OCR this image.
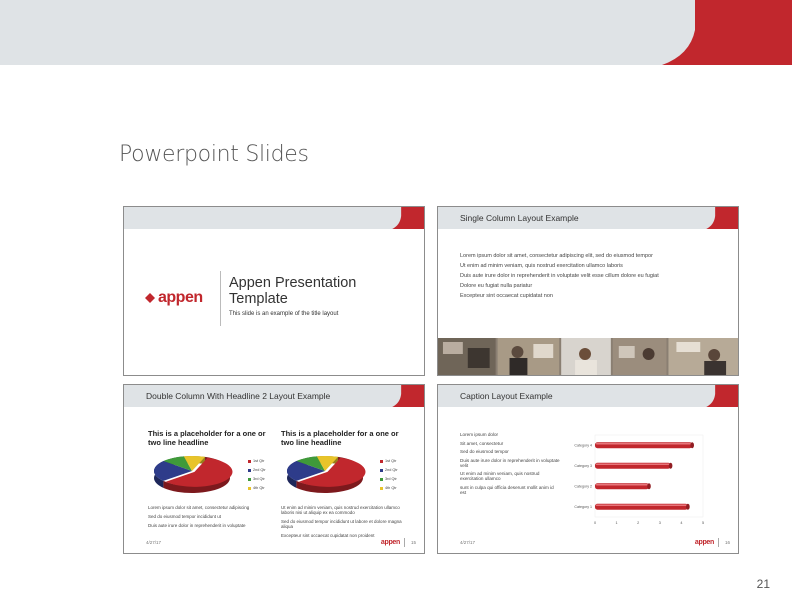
Powerpoint Slides
appen
Appen Presentation Template
This slide is an example of the title layout
Single Column Layout Example
Lorem ipsum dolor sit amet, consectetur adipiscing elit, sed do eiusmod tempor
Ut enim ad minim veniam, quis nostrud exercitation ullamco laboris
Duis aute irure dolor in reprehenderit in voluptate velit esse cillum dolore eu fugiat
Dolore eu fugiat nulla pariatur
Excepteur sint occaecat cupidatat non
Double Column With Headline 2 Layout Example
This is a placeholder for a one or two line headline
This is a placeholder for a one or two line headline
1st Qtr
2nd Qtr
3rd Qtr
4th Qtr
1st Qtr
2nd Qtr
3rd Qtr
4th Qtr
Lorem ipsum dolor sit amet, consectetur adipiscing
Sed do eiusmod tempor incididunt ut
Duis aute irure dolor in reprehenderit in voluptate
Ut enim ad minim veniam, quis nostrud exercitation ullamco laboris nisi ut aliquip ex ea commodo
Sed do eiusmod tempor incididunt ut labore et dolore magna aliqua
Excepteur sint occaecat cupidatat non proident
4/27/17	appen 15
Caption Layout Example
Lorem ipsum dolor
Sit amet, consectetur
Sed do eiusmod tempor
Duis aute irure dolor in reprehenderit in voluptate velit
Ut enim ad minim veniam, quis nostrud exercitation ullamco
sunt in culpa qui officia deserunt mollit anim id est
Category 1
Category 2
Category 3
Category 4
0	1	2	3	4	5
4/27/17	appen 16
21
